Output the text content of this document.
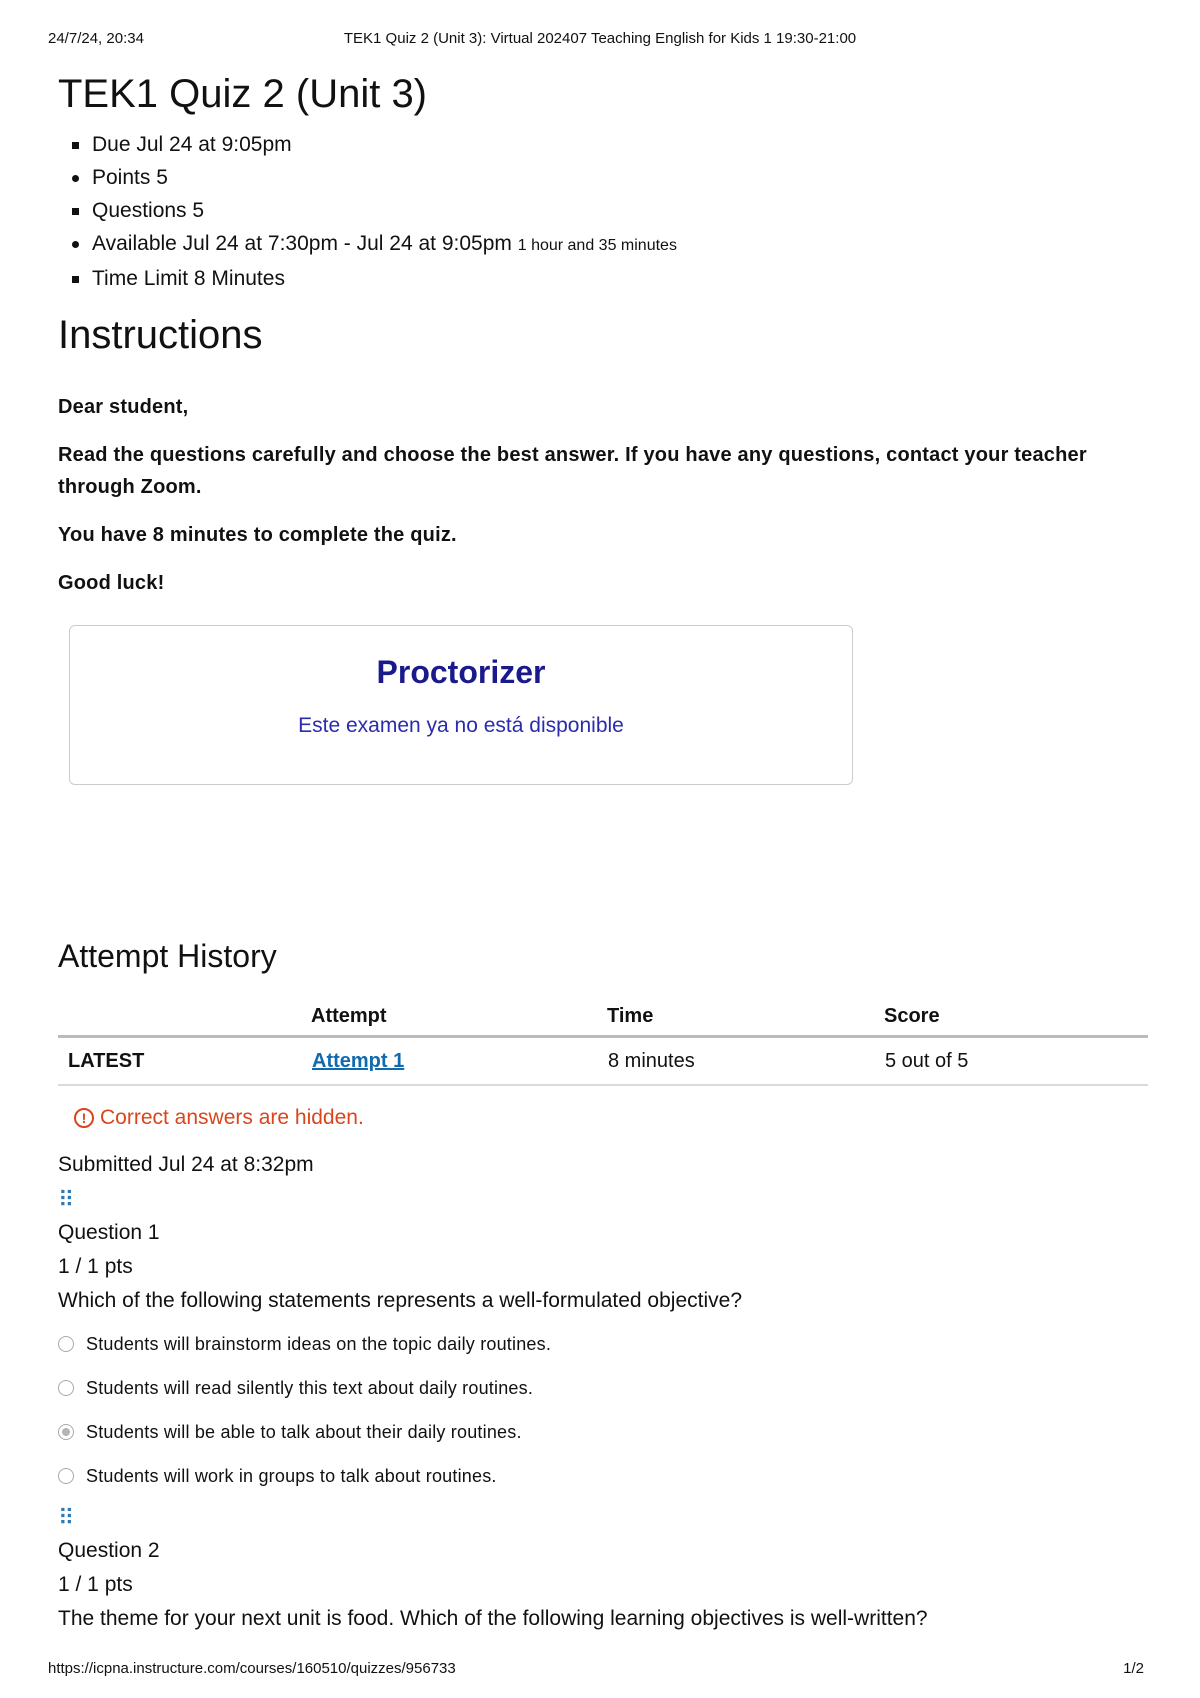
24/7/24, 20:34	TEK1 Quiz 2 (Unit 3): Virtual 202407 Teaching English for Kids 1 19:30-21:00
TEK1 Quiz 2 (Unit 3)
Due Jul 24 at 9:05pm
Points 5
Questions 5
Available Jul 24 at 7:30pm - Jul 24 at 9:05pm 1 hour and 35 minutes
Time Limit 8 Minutes
Instructions

Dear student,

Read the questions carefully and choose the best answer. If you have any questions, contact your teacher through Zoom.

You have 8 minutes to complete the quiz.

Good luck!

Proctorizer
Este examen ya no está disponible
Attempt History
	Attempt	Time	Score
LATEST	Attempt 1	8 minutes	5 out of 5
! Correct answers are hidden.
Submitted Jul 24 at 8:32pm
⠿
Question 1
1 / 1 pts
Which of the following statements represents a well-formulated objective?
Students will brainstorm ideas on the topic daily routines.
Students will read silently this text about daily routines.
Students will be able to talk about their daily routines.
Students will work in groups to talk about routines.
⠿
Question 2
1 / 1 pts
The theme for your next unit is food. Which of the following learning objectives is well-written?
https://icpna.instructure.com/courses/160510/quizzes/956733	1/2
